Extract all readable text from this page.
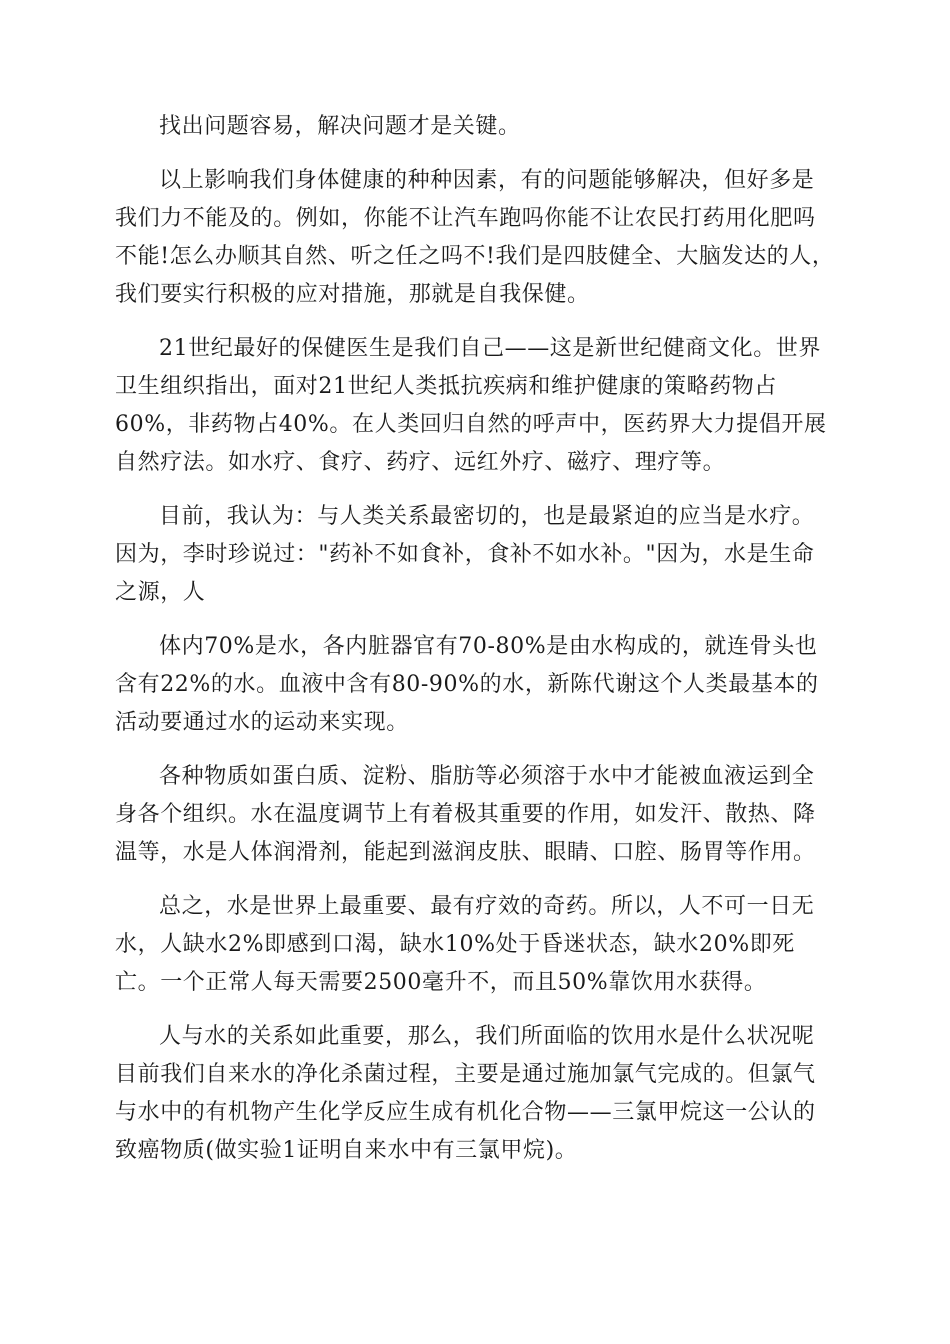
找出问题容易，解决问题才是关键。

以上影响我们身体健康的种种因素，有的问题能够解决，但好多是我们力不能及的。例如，你能不让汽车跑吗你能不让农民打药用化肥吗不能!怎么办顺其自然、听之任之吗不!我们是四肢健全、大脑发达的人，我们要实行积极的应对措施，那就是自我保健。

21世纪最好的保健医生是我们自己——这是新世纪健商文化。世界卫生组织指出，面对21世纪人类抵抗疾病和维护健康的策略药物占60%，非药物占40%。在人类回归自然的呼声中，医药界大力提倡开展自然疗法。如水疗、食疗、药疗、远红外疗、磁疗、理疗等。

目前，我认为：与人类关系最密切的，也是最紧迫的应当是水疗。因为，李时珍说过："药补不如食补，食补不如水补。"因为，水是生命之源，人

体内70%是水，各内脏器官有70-80%是由水构成的，就连骨头也含有22%的水。血液中含有80-90%的水，新陈代谢这个人类最基本的活动要通过水的运动来实现。

各种物质如蛋白质、淀粉、脂肪等必须溶于水中才能被血液运到全身各个组织。水在温度调节上有着极其重要的作用，如发汗、散热、降温等，水是人体润滑剂，能起到滋润皮肤、眼睛、口腔、肠胃等作用。

总之，水是世界上最重要、最有疗效的奇药。所以，人不可一日无水，人缺水2%即感到口渴，缺水10%处于昏迷状态，缺水20%即死亡。一个正常人每天需要2500毫升不，而且50%靠饮用水获得。

人与水的关系如此重要，那么，我们所面临的饮用水是什么状况呢目前我们自来水的净化杀菌过程，主要是通过施加氯气完成的。但氯气与水中的有机物产生化学反应生成有机化合物——三氯甲烷这一公认的致癌物质(做实验1证明自来水中有三氯甲烷)。
